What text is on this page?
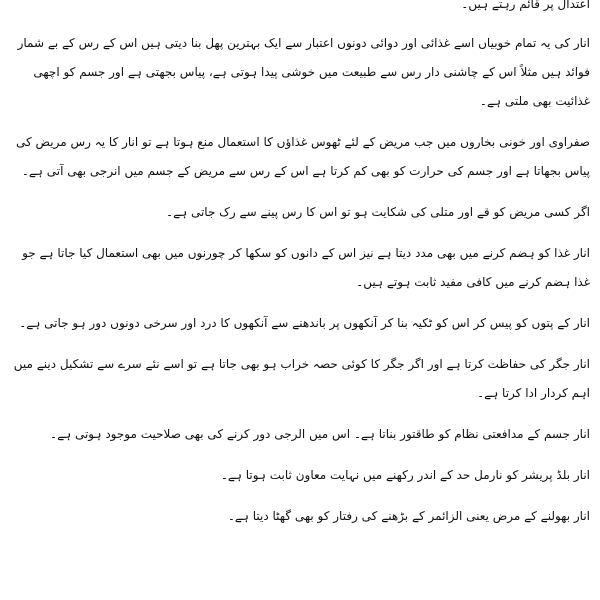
اعتدال پر قائم رہتے ہیں۔

انار کی یہ تمام خوبیاں اسے غذائی اور دوائی دونوں اعتبار سے ایک بہترین پھل بنا دیتی ہیں اس کے رس کے بے شمار فوائد ہیں مثلاً اس کے چاشنی دار رس سے طبیعت میں خوشی پیدا ہوتی ہے، پیاس بجھتی ہے اور جسم کو اچھی غذائیت بھی ملتی ہے۔

صفراوی اور خونی بخاروں میں جب مریض کے لئے ٹھوس غذاؤں کا استعمال منع ہوتا ہے تو انار کا یہ رس مریض کی پیاس بجھاتا ہے اور جسم کی حرارت کو بھی کم کرتا ہے اس کے رس سے مریض کے جسم میں انرجی بھی آتی ہے۔

اگر کسی مریض کو قے اور متلی کی شکایت ہو تو اس کا رس پینے سے رک جاتی ہے۔

انار غذا کو ہضم کرنے میں بھی مدد دیتا ہے نیز اس کے دانوں کو سکھا کر چورنوں میں بھی استعمال کیا جاتا ہے جو غذا ہضم کرنے میں کافی مفید ثابت ہوتے ہیں۔

انار کے پتوں کو پیس کر اس کو ٹکیہ بنا کر آنکھوں پر باندھنے سے آنکھوں کا درد اور سرخی دونوں دور ہو جاتی ہے۔

انار جگر کی حفاظت کرتا ہے اور اگر جگر کا کوئی حصہ خراب ہو بھی جاتا ہے تو اسے نئے سرے سے تشکیل دینے میں اہم کردار ادا کرتا ہے۔

انار جسم کے مدافعتی نظام کو طاقتور بناتا ہے۔ اس میں الرجی دور کرنے کی بھی صلاحیت موجود ہوتی ہے۔

انار بلڈ پریشر کو نارمل حد کے اندر رکھنے میں نہایت معاون ثابت ہوتا ہے۔

انار بھولنے کے مرض یعنی الزائمر کے بڑھنے کی رفتار کو بھی گھٹا دیتا ہے۔
